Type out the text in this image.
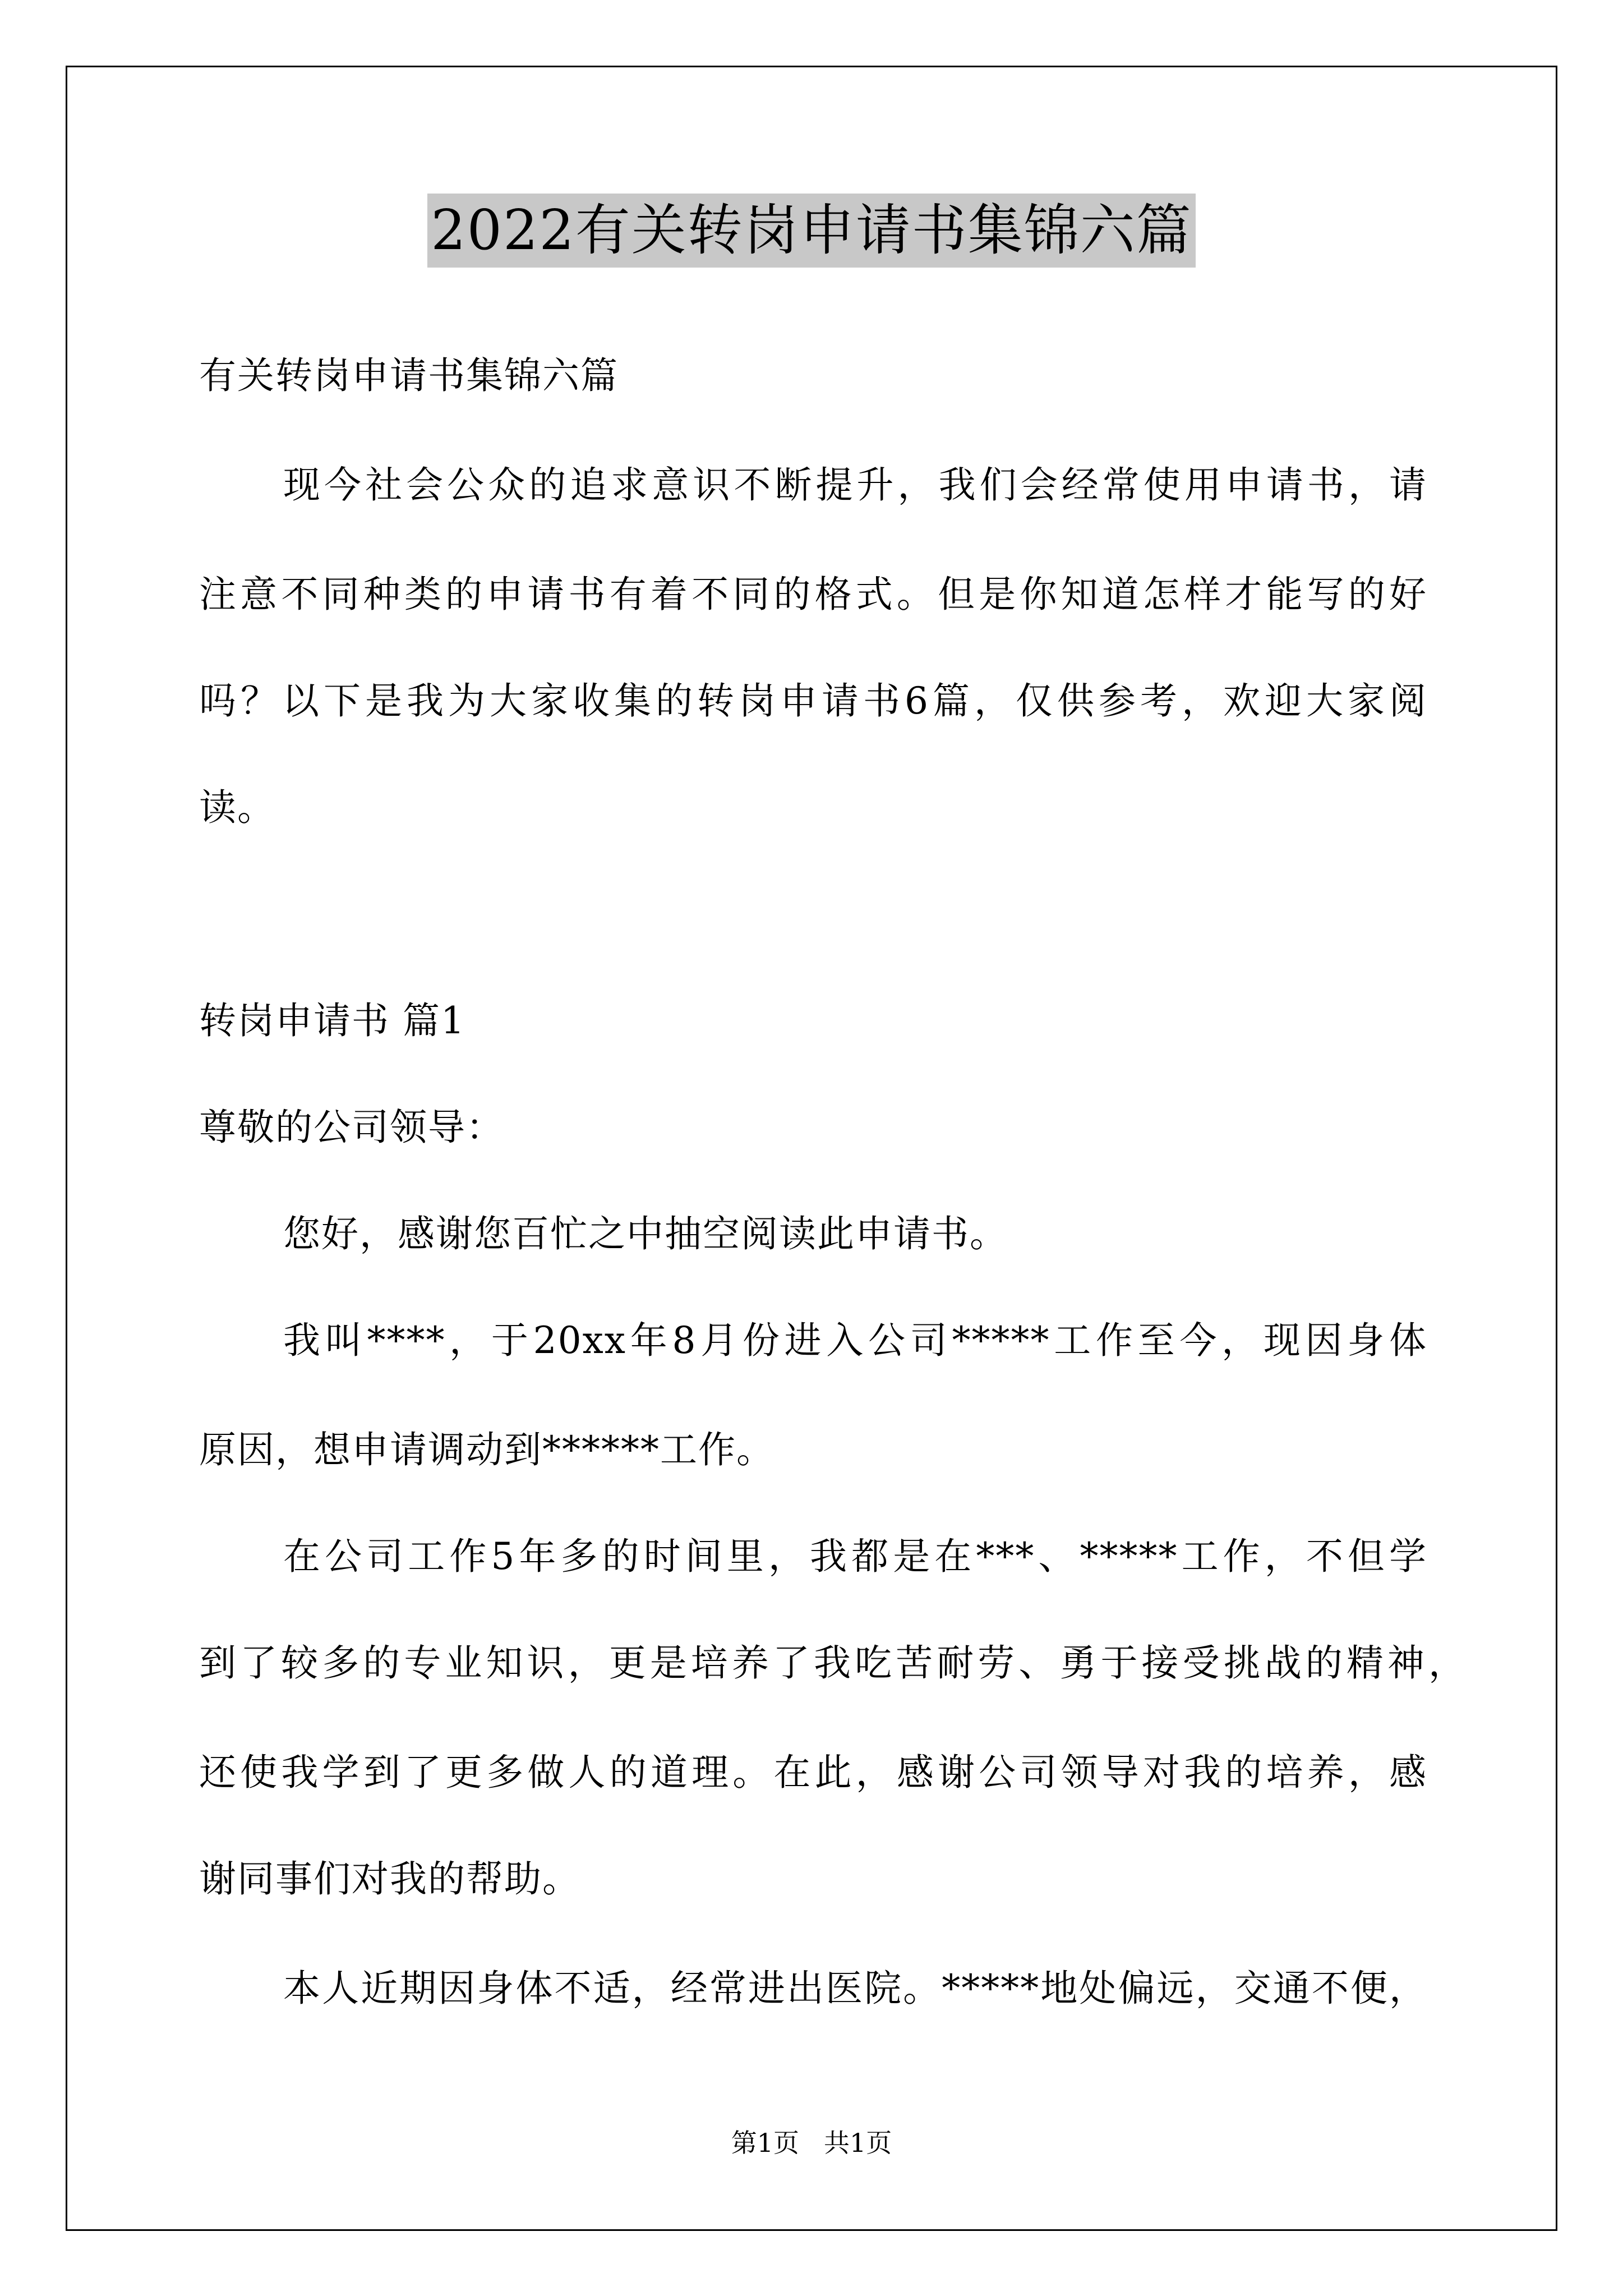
2022有关转岗申请书集锦六篇

有关转岗申请书集锦六篇

现今社会公众的追求意识不断提升，我们会经常使用申请书，请

注意不同种类的申请书有着不同的格式。但是你知道怎样才能写的好

吗？以下是我为大家收集的转岗申请书6篇，仅供参考，欢迎大家阅

读。

转岗申请书 篇1

尊敬的公司领导：

您好，感谢您百忙之中抽空阅读此申请书。

我叫****，于20xx年8月份进入公司*****工作至今，现因身体

原因，想申请调动到******工作。

在公司工作5年多的时间里，我都是在***、*****工作，不但学

到了较多的专业知识，更是培养了我吃苦耐劳、勇于接受挑战的精神，

还使我学到了更多做人的道理。在此，感谢公司领导对我的培养，感

谢同事们对我的帮助。

本人近期因身体不适，经常进出医院。*****地处偏远，交通不便，

第1页 共1页
